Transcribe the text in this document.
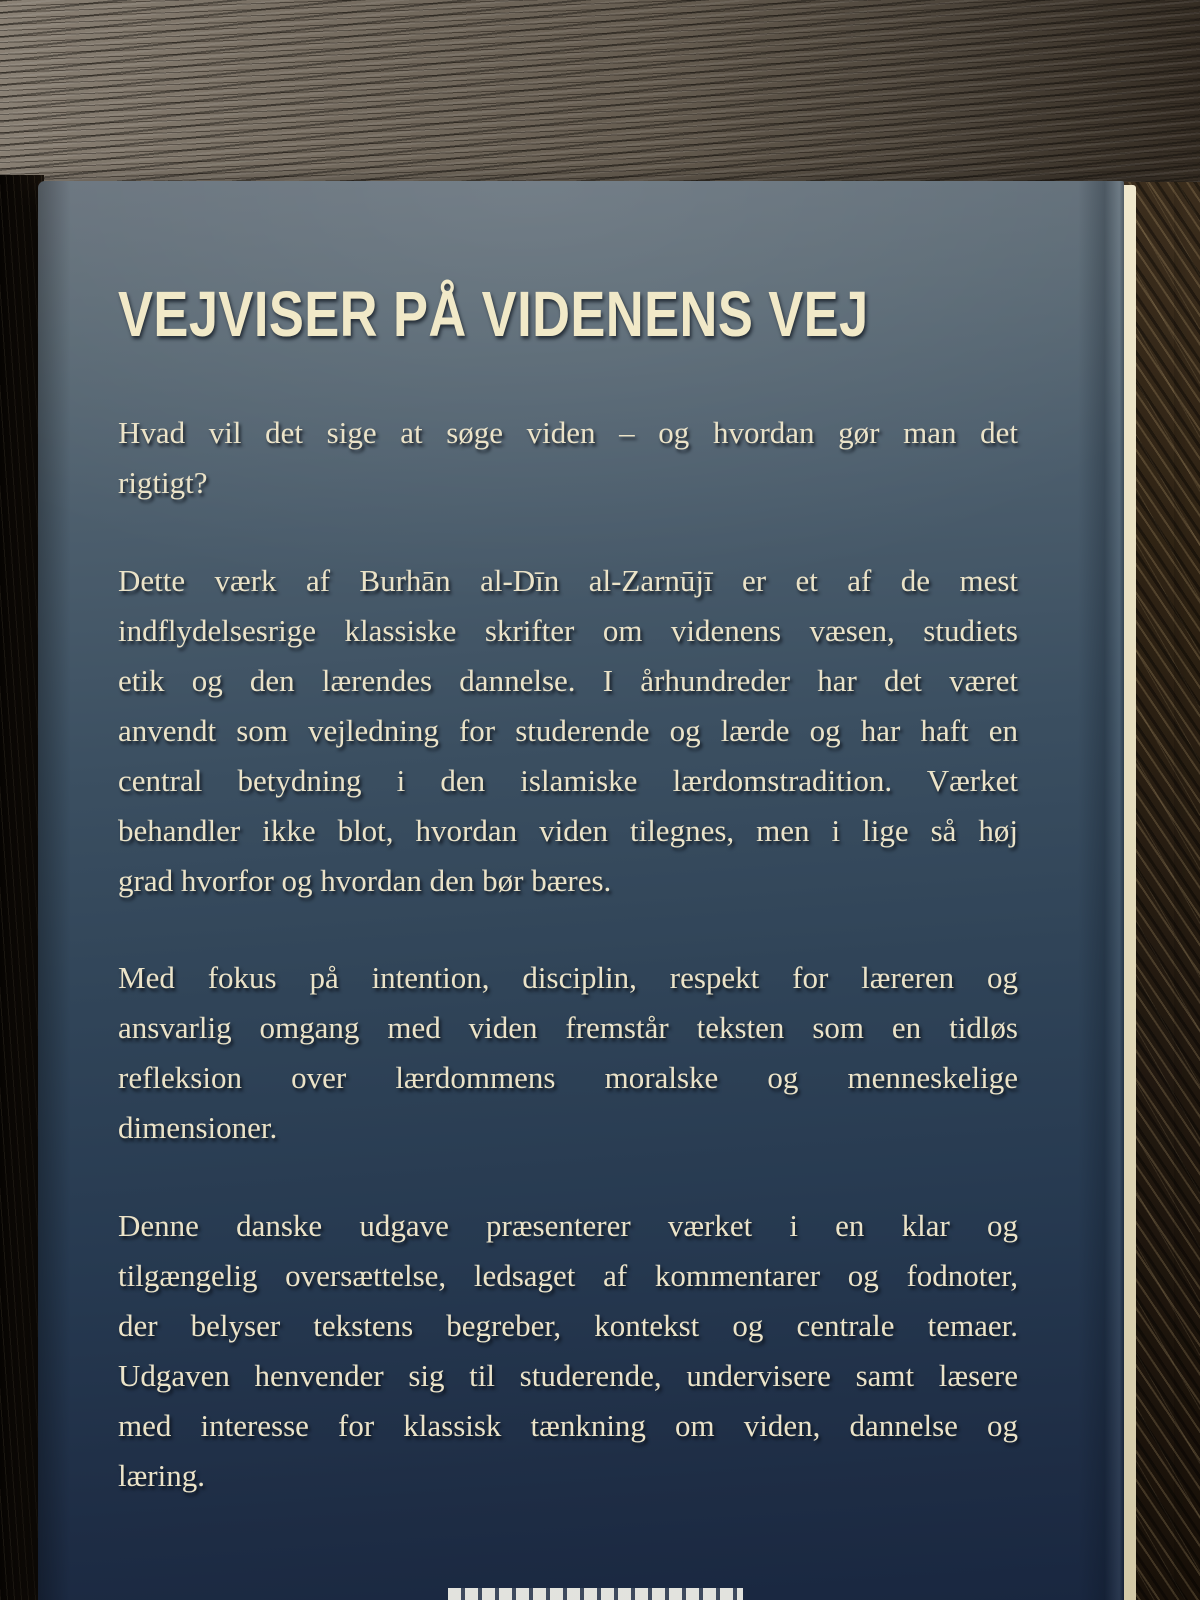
VEJVISER PÅ VIDENENS VEJ
Hvad vil det sige at søge viden – og hvordan gør man det
rigtigt?
Dette værk af Burhān al-Dīn al-Zarnūjī er et af de mest
indflydelsesrige klassiske skrifter om videnens væsen, studiets
etik og den lærendes dannelse. I århundreder har det været
anvendt som vejledning for studerende og lærde og har haft en
central betydning i den islamiske lærdomstradition. Værket
behandler ikke blot, hvordan viden tilegnes, men i lige så høj
grad hvorfor og hvordan den bør bæres.
Med fokus på intention, disciplin, respekt for læreren og
ansvarlig omgang med viden fremstår teksten som en tidløs
refleksion over lærdommens moralske og menneskelige
dimensioner.
Denne danske udgave præsenterer værket i en klar og
tilgængelig oversættelse, ledsaget af kommentarer og fodnoter,
der belyser tekstens begreber, kontekst og centrale temaer.
Udgaven henvender sig til studerende, undervisere samt læsere
med interesse for klassisk tænkning om viden, dannelse og
læring.
